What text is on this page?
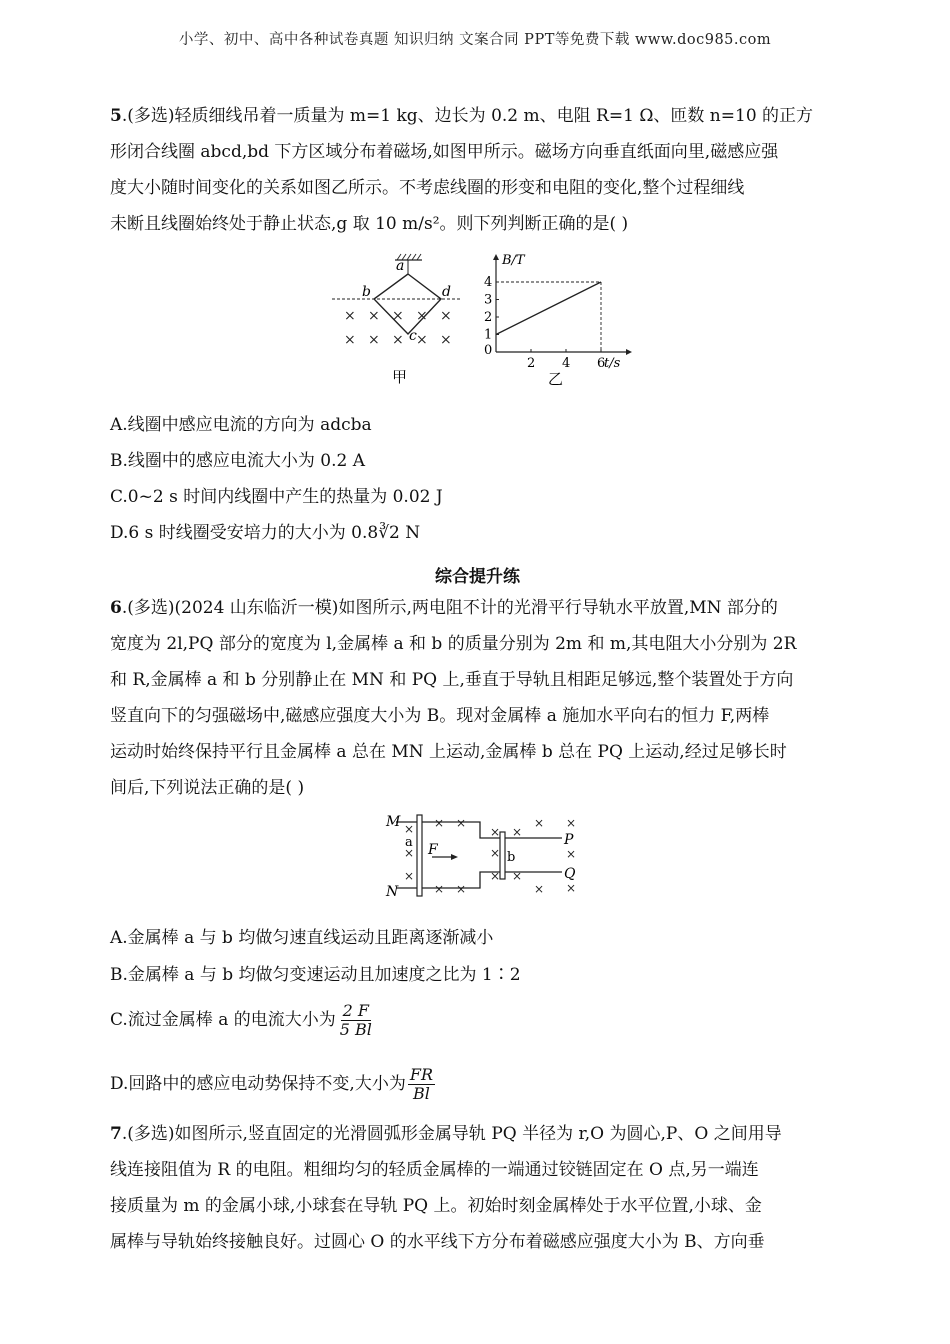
小学、初中、高中各种试卷真题 知识归纳 文案合同 PPT等免费下载 www.doc985.com

5.(多选)轻质细线吊着一质量为 m=1 kg、边长为 0.2 m、电阻 R=1 Ω、匝数 n=10 的正方

形闭合线圈 abcd,bd 下方区域分布着磁场,如图甲所示。磁场方向垂直纸面向里,磁感应强

度大小随时间变化的关系如图乙所示。不考虑线圈的形变和电阻的变化,整个过程细线

未断且线圈始终处于静止状态,g 取 10 m/s²。则下列判断正确的是( )

a
b	d
c
× × × × ×
× × × × ×
甲
B/T
t/s
0
2 4 6
1
2
3
4
乙

A.线圈中感应电流的方向为 adcba

B.线圈中的感应电流大小为 0.2 A

C.0~2 s 时间内线圈中产生的热量为 0.02 J

D.6 s 时线圈受安培力的大小为 0.8∛2 N

综合提升练

6.(多选)(2024 山东临沂一模)如图所示,两电阻不计的光滑平行导轨水平放置,MN 部分的

宽度为 2l,PQ 部分的宽度为 l,金属棒 a 和 b 的质量分别为 2m 和 m,其电阻大小分别为 2R

和 R,金属棒 a 和 b 分别静止在 MN 和 PQ 上,垂直于导轨且相距足够远,整个装置处于方向

竖直向下的匀强磁场中,磁感应强度大小为 B。现对金属棒 a 施加水平向右的恒力 F,两棒

运动时始终保持平行且金属棒 a 总在 MN 上运动,金属棒 b 总在 PQ 上运动,经过足够长时

间后,下列说法正确的是( )

M
N
P
Q
a
b
F
×
×
×
× ×
× ×
×
×
×
×
×
×
×
×
×
×

A.金属棒 a 与 b 均做匀速直线运动且距离逐渐减小

B.金属棒 a 与 b 均做匀变速运动且加速度之比为 1∶2

C.流过金属棒 a 的电流大小为 $\frac{2 F}{5 Bl}$
D.回路中的感应电动势保持不变,大小为 $\frac{FR}{Bl}$

7.(多选)如图所示,竖直固定的光滑圆弧形金属导轨 PQ 半径为 r,O 为圆心,P、O 之间用导

线连接阻值为 R 的电阻。粗细均匀的轻质金属棒的一端通过铰链固定在 O 点,另一端连

接质量为 m 的金属小球,小球套在导轨 PQ 上。初始时刻金属棒处于水平位置,小球、金

属棒与导轨始终接触良好。过圆心 O 的水平线下方分布着磁感应强度大小为 B、方向垂
